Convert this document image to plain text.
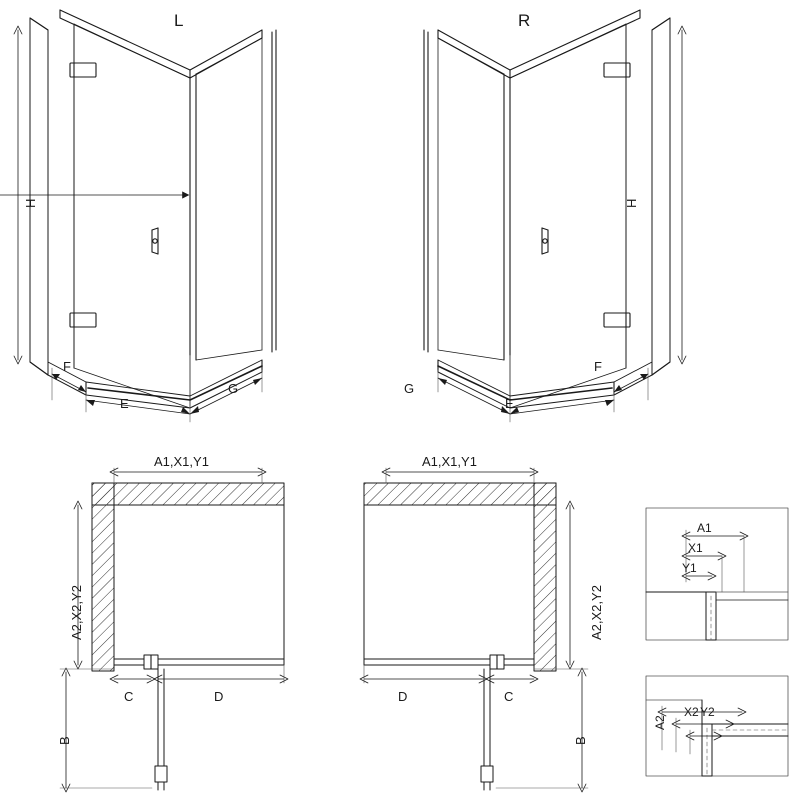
L	R
H
F
E
G
H
F
E
G
A1,X1,Y1
A2,X2,Y2
B
C	D
A1,X1,Y1
A2,X2,Y2
B
D	C
A1
X1
Y1
A2
X2 Y2
